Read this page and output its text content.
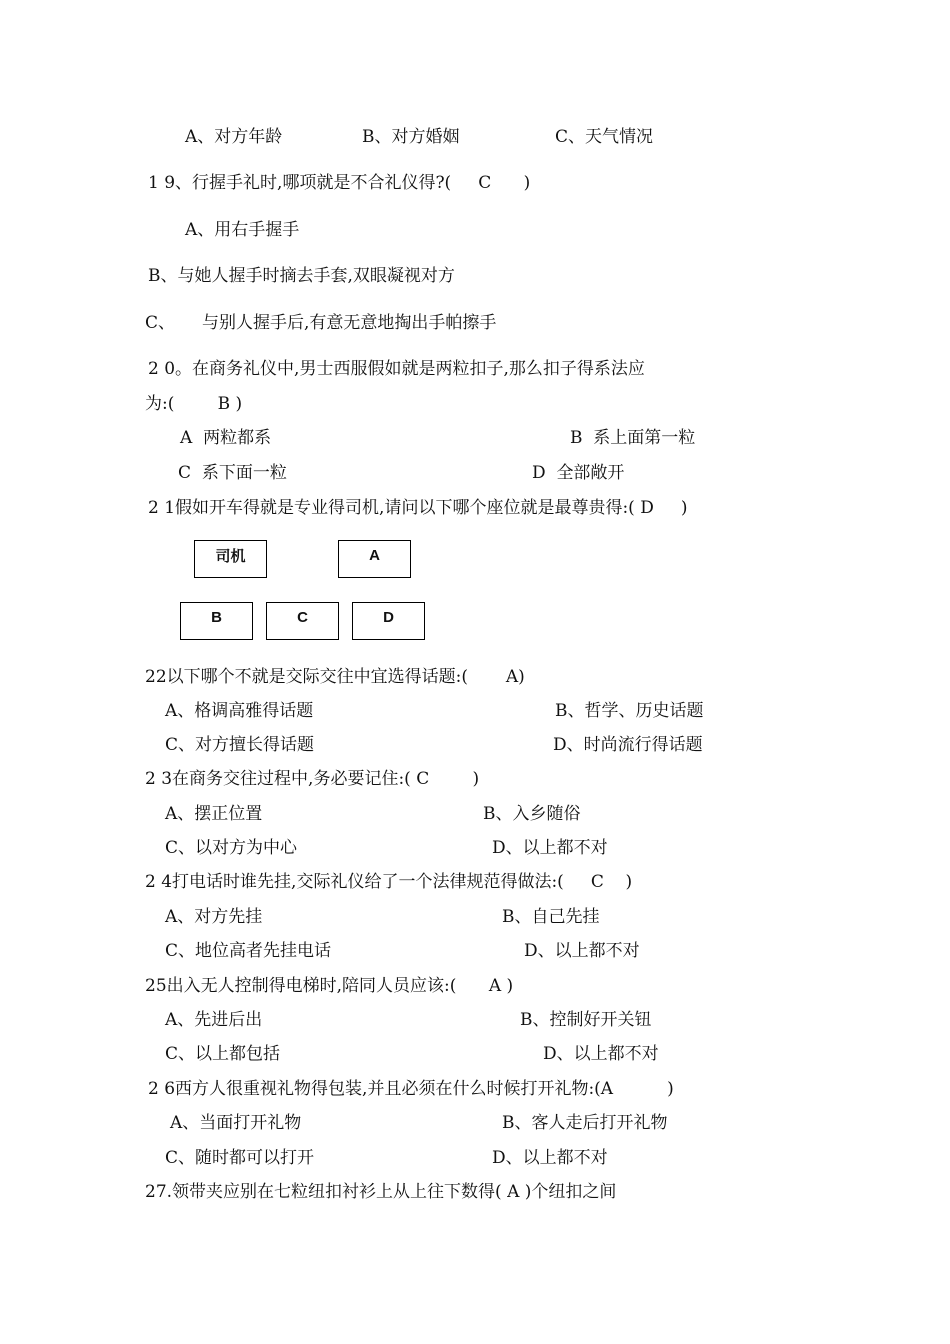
A、对方年龄	B、对方婚姻	C、天气情况
1 9、行握手礼时,哪项就是不合礼仪得?(     C      )
A、用右手握手
B、与她人握手时摘去手套,双眼凝视对方
C、     与别人握手后,有意无意地掏出手帕擦手
2 0。在商务礼仪中,男士西服假如就是两粒扣子,那么扣子得系法应
为:(        B )
A  两粒都系	B  系上面第一粒
C  系下面一粒	D  全部敞开
2 1假如开车得就是专业得司机,请问以下哪个座位就是最尊贵得:( D     )
司机	A
B	C	D
22以下哪个不就是交际交往中宜选得话题:(       A)
A、格调高雅得话题	B、哲学、历史话题
C、对方擅长得话题	D、时尚流行得话题
2 3在商务交往过程中,务必要记住:( C        )
A、摆正位置	B、入乡随俗
C、以对方为中心	D、以上都不对
2 4打电话时谁先挂,交际礼仪给了一个法律规范得做法:(     C    )
A、对方先挂	B、自己先挂
C、地位高者先挂电话	D、以上都不对
25出入无人控制得电梯时,陪同人员应该:(      A )
A、先进后出	B、控制好开关钮
C、以上都包括	D、以上都不对
2 6西方人很重视礼物得包装,并且必须在什么时候打开礼物:(A          )
A、当面打开礼物	B、客人走后打开礼物
C、随时都可以打开	D、以上都不对
27.领带夹应别在七粒纽扣衬衫上从上往下数得( A )个纽扣之间
